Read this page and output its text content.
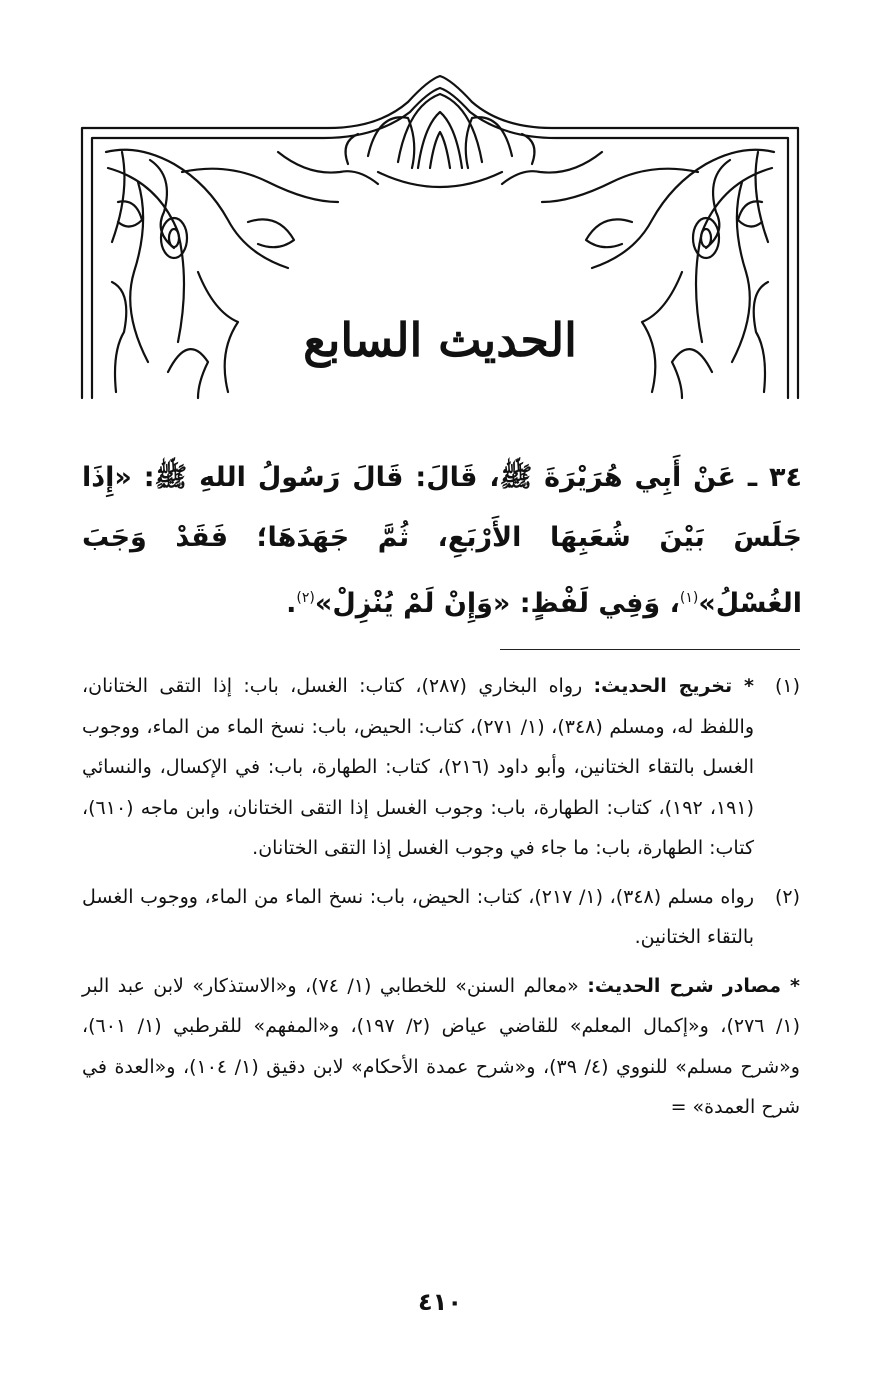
الحديث السابع
٣٤ ـ عَنْ أَبِي هُرَيْرَةَ ﷺ، قَالَ: قَالَ رَسُولُ اللهِ ﷺ: «إِذَا جَلَسَ بَيْنَ شُعَبِهَا الأَرْبَعِ، ثُمَّ جَهَدَهَا؛ فَقَدْ وَجَبَ الغُسْلُ»$^{(١)}$، وَفِي لَفْظٍ: «وَإِنْ لَمْ يُنْزِلْ»$^{(٢)}$.
(١)
* تخريج الحديث: رواه البخاري (٢٨٧)، كتاب: الغسل، باب: إذا التقى الختانان، واللفظ له، ومسلم (٣٤٨)، (١/ ٢٧١)، كتاب: الحيض، باب: نسخ الماء من الماء، ووجوب الغسل بالتقاء الختانين، وأبو داود (٢١٦)، كتاب: الطهارة، باب: في الإكسال، والنسائي (١٩١، ١٩٢)، كتاب: الطهارة، باب: وجوب الغسل إذا التقى الختانان، وابن ماجه (٦١٠)، كتاب: الطهارة، باب: ما جاء في وجوب الغسل إذا التقى الختانان.
(٢)
رواه مسلم (٣٤٨)، (١/ ٢١٧)، كتاب: الحيض، باب: نسخ الماء من الماء، ووجوب الغسل بالتقاء الختانين.
* مصادر شرح الحديث: «معالم السنن» للخطابي (١/ ٧٤)، و«الاستذكار» لابن عبد البر (١/ ٢٧٦)، و«إكمال المعلم» للقاضي عياض (٢/ ١٩٧)، و«المفهم» للقرطبي (١/ ٦٠١)، و«شرح مسلم» للنووي (٤/ ٣٩)، و«شرح عمدة الأحكام» لابن دقيق (١/ ١٠٤)، و«العدة في شرح العمدة» =
٤١٠
